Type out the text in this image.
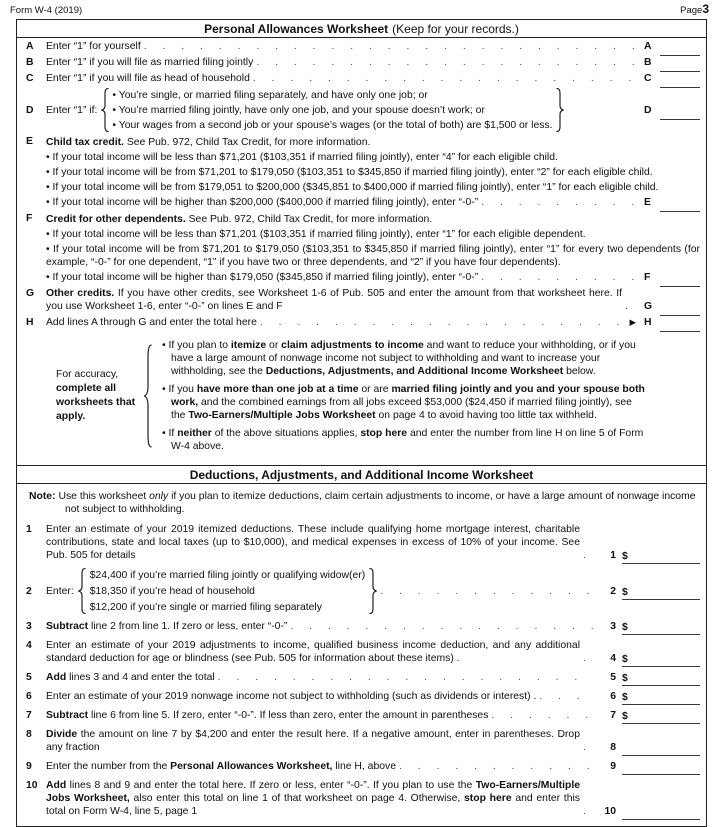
Form W-4 (2019)	Page3
Personal Allowances Worksheet (Keep for your records.)
A	Enter “1” for yourself . . .	A
B	Enter “1” if you will file as married filing jointly . . .	B
C	Enter “1” if you will file as head of household . . .	C
D	Enter “1” if:
• You’re single, or married filing separately, and have only one job; or
• You’re married filing jointly, have only one job, and your spouse doesn’t work; or
• Your wages from a second job or your spouse’s wages (or the total of both) are $1,500 or less.
D
E	Child tax credit. See Pub. 972, Child Tax Credit, for more information.
• If your total income will be less than $71,201 ($103,351 if married filing jointly), enter “4” for each eligible child.
• If your total income will be from $71,201 to $179,050 ($103,351 to $345,850 if married filing jointly), enter “2” for each eligible child.
• If your total income will be from $179,051 to $200,000 ($345,851 to $400,000 if married filing jointly), enter “1” for each eligible child.
• If your total income will be higher than $200,000 ($400,000 if married filing jointly), enter “-0-” . . .	E
F	Credit for other dependents. See Pub. 972, Child Tax Credit, for more information.
• If your total income will be less than $71,201 ($103,351 if married filing jointly), enter “1” for each eligible dependent.
• If your total income will be from $71,201 to $179,050 ($103,351 to $345,850 if married filing jointly), enter “1” for every two dependents (for example, “-0-” for one dependent, “1” if you have two or three dependents, and “2” if you have four dependents).
• If your total income will be higher than $179,050 ($345,850 if married filing jointly), enter “-0-” . . .	F
G	Other credits. If you have other credits, see Worksheet 1-6 of Pub. 505 and enter the amount from that worksheet here. If you use Worksheet 1-6, enter “-0-” on lines E and F . . .	G
H	Add lines A through G and enter the total here . . .	▶ H
For accuracy,
complete all worksheets that apply.
• If you plan to itemize or claim adjustments to income and want to reduce your withholding, or if you have a large amount of nonwage income not subject to withholding and want to increase your withholding, see the Deductions, Adjustments, and Additional Income Worksheet below.
• If you have more than one job at a time or are married filing jointly and you and your spouse both work, and the combined earnings from all jobs exceed $53,000 ($24,450 if married filing jointly), see the Two-Earners/Multiple Jobs Worksheet on page 4 to avoid having too little tax withheld.
• If neither of the above situations applies, stop here and enter the number from line H on line 5 of Form W-4 above.
Deductions, Adjustments, and Additional Income Worksheet
Note: Use this worksheet only if you plan to itemize deductions, claim certain adjustments to income, or have a large amount of nonwage income not subject to withholding.
1	Enter an estimate of your 2019 itemized deductions. These include qualifying home mortgage interest, charitable contributions, state and local taxes (up to $10,000), and medical expenses in excess of 10% of your income. See Pub. 505 for details . . .	1 $
2	Enter:
$24,400 if you’re married filing jointly or qualifying widow(er)
$18,350 if you’re head of household
$12,200 if you’re single or married filing separately
. . .
2 $
3	Subtract line 2 from line 1. If zero or less, enter “-0-” . . .	3 $
4	Enter an estimate of your 2019 adjustments to income, qualified business income deduction, and any additional standard deduction for age or blindness (see Pub. 505 for information about these items) . . . .	4 $
5	Add lines 3 and 4 and enter the total . . .	5 $
6	Enter an estimate of your 2019 nonwage income not subject to withholding (such as dividends or interest) . . . .	6 $
7	Subtract line 6 from line 5. If zero, enter “-0-”. If less than zero, enter the amount in parentheses . . .	7 $
8	Divide the amount on line 7 by $4,200 and enter the result here. If a negative amount, enter in parentheses. Drop any fraction . . .	8
9	Enter the number from the Personal Allowances Worksheet, line H, above . . .	9
10 Add lines 8 and 9 and enter the total here. If zero or less, enter “-0-”. If you plan to use the Two-Earners/Multiple Jobs Worksheet, also enter this total on line 1 of that worksheet on page 4. Otherwise, stop here and enter this total on Form W-4, line 5, page 1 . . .	10
